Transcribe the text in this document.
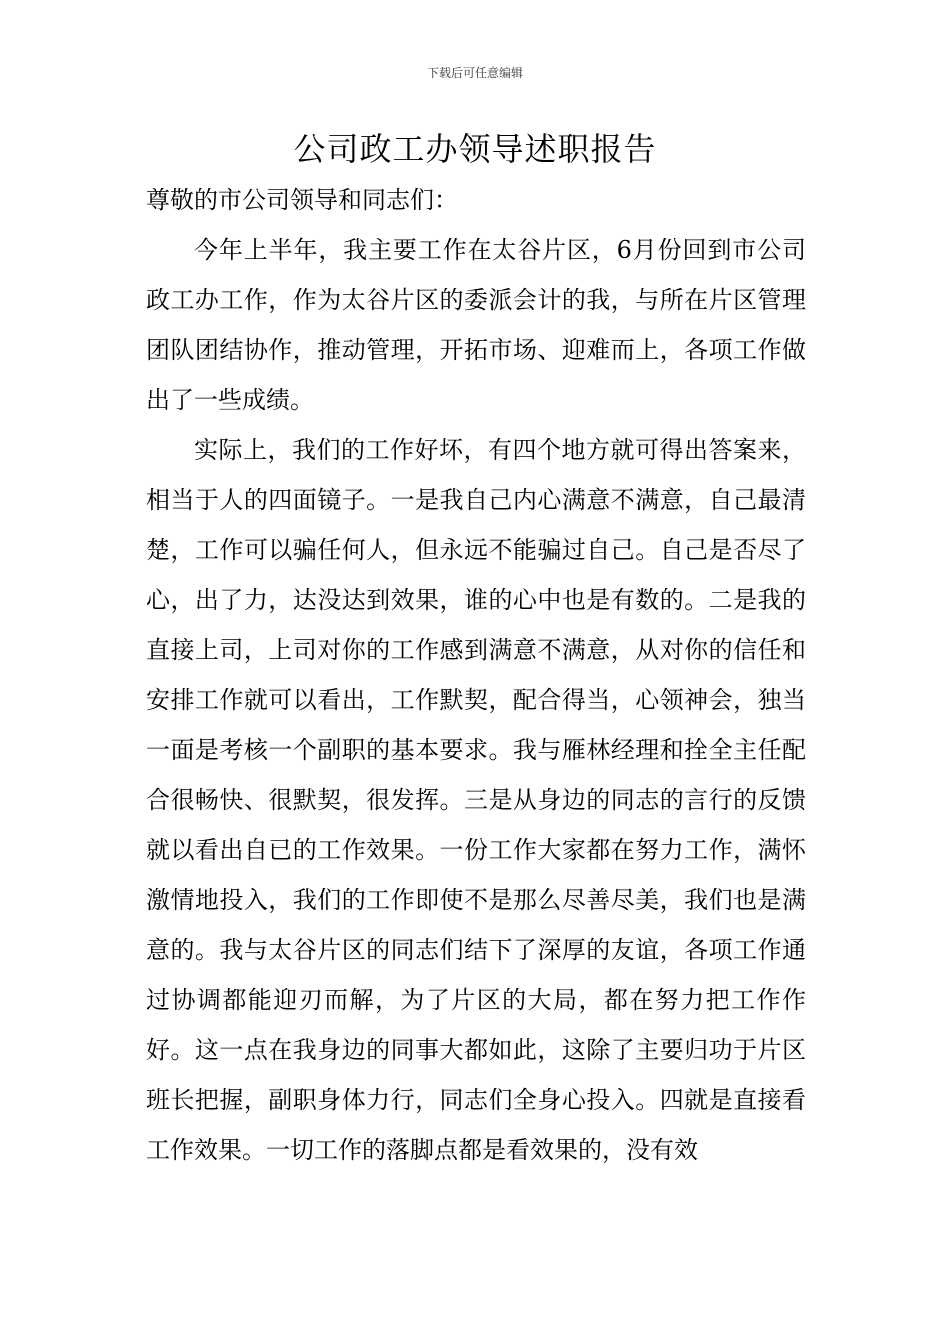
下载后可任意编辑
公司政工办领导述职报告

尊敬的市公司领导和同志们：

今年上半年，我主要工作在太谷片区，6月份回到市公司政工办工作，作为太谷片区的委派会计的我，与所在片区管理团队团结协作，推动管理，开拓市场、迎难而上，各项工作做出了一些成绩。

实际上，我们的工作好坏，有四个地方就可得出答案来，相当于人的四面镜子。一是我自己内心满意不满意，自己最清楚，工作可以骗任何人，但永远不能骗过自己。自己是否尽了心，出了力，达没达到效果，谁的心中也是有数的。二是我的直接上司，上司对你的工作感到满意不满意，从对你的信任和安排工作就可以看出，工作默契，配合得当，心领神会，独当一面是考核一个副职的基本要求。我与雁林经理和拴全主任配合很畅快、很默契，很发挥。三是从身边的同志的言行的反馈就以看出自已的工作效果。一份工作大家都在努力工作，满怀激情地投入，我们的工作即使不是那么尽善尽美，我们也是满意的。我与太谷片区的同志们结下了深厚的友谊，各项工作通过协调都能迎刃而解，为了片区的大局，都在努力把工作作好。这一点在我身边的同事大都如此，这除了主要归功于片区班长把握，副职身体力行，同志们全身心投入。四就是直接看工作效果。一切工作的落脚点都是看效果的，没有效
